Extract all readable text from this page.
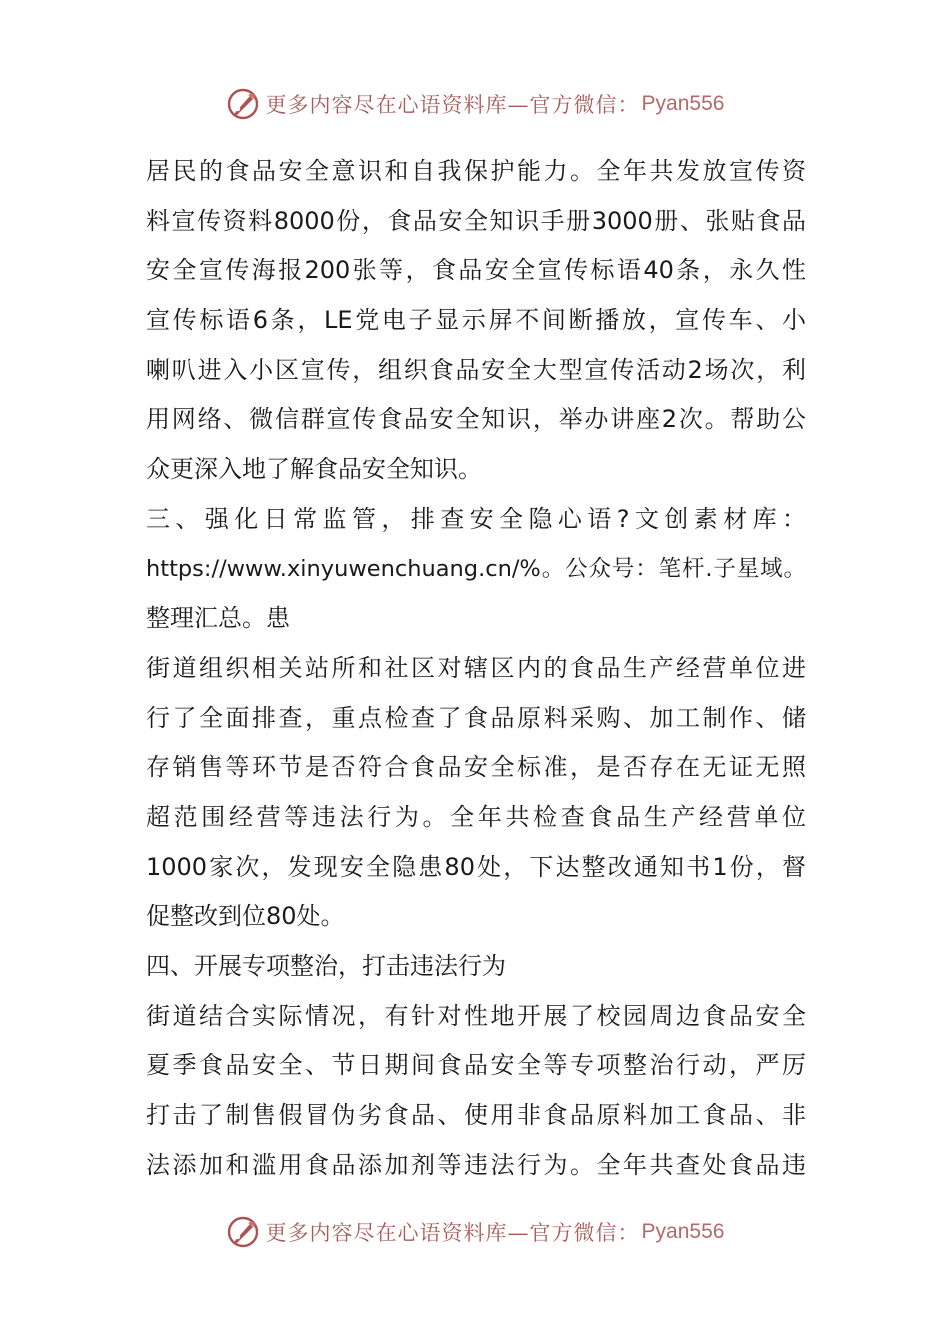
更多内容尽在心语资料库—官方微信： Pyan556
居民的食品安全意识和自我保护能力。全年共发放宣传资
料宣传资料8000份，食品安全知识手册3000册、张贴食品
安全宣传海报200张等，食品安全宣传标语40条，永久性
宣传标语6条，LE党电子显示屏不间断播放，宣传车、小
喇叭进入小区宣传，组织食品安全大型宣传活动2场次，利
用网络、微信群宣传食品安全知识，举办讲座2次。帮助公
众更深入地了解食品安全知识。
三、强化日常监管，排查安全隐心语?文创素材库：
https://www.xinyuwenchuang.cn/%。公众号：笔杆.子星域。
整理汇总。患
街道组织相关站所和社区对辖区内的食品生产经营单位进
行了全面排查，重点检查了食品原料采购、加工制作、储
存销售等环节是否符合食品安全标准，是否存在无证无照
超范围经营等违法行为。全年共检查食品生产经营单位
1000家次，发现安全隐患80处，下达整改通知书1份，督
促整改到位80处。
四、开展专项整治，打击违法行为
街道结合实际情况，有针对性地开展了校园周边食品安全
夏季食品安全、节日期间食品安全等专项整治行动，严厉
打击了制售假冒伪劣食品、使用非食品原料加工食品、非
法添加和滥用食品添加剂等违法行为。全年共查处食品违
更多内容尽在心语资料库—官方微信： Pyan556
